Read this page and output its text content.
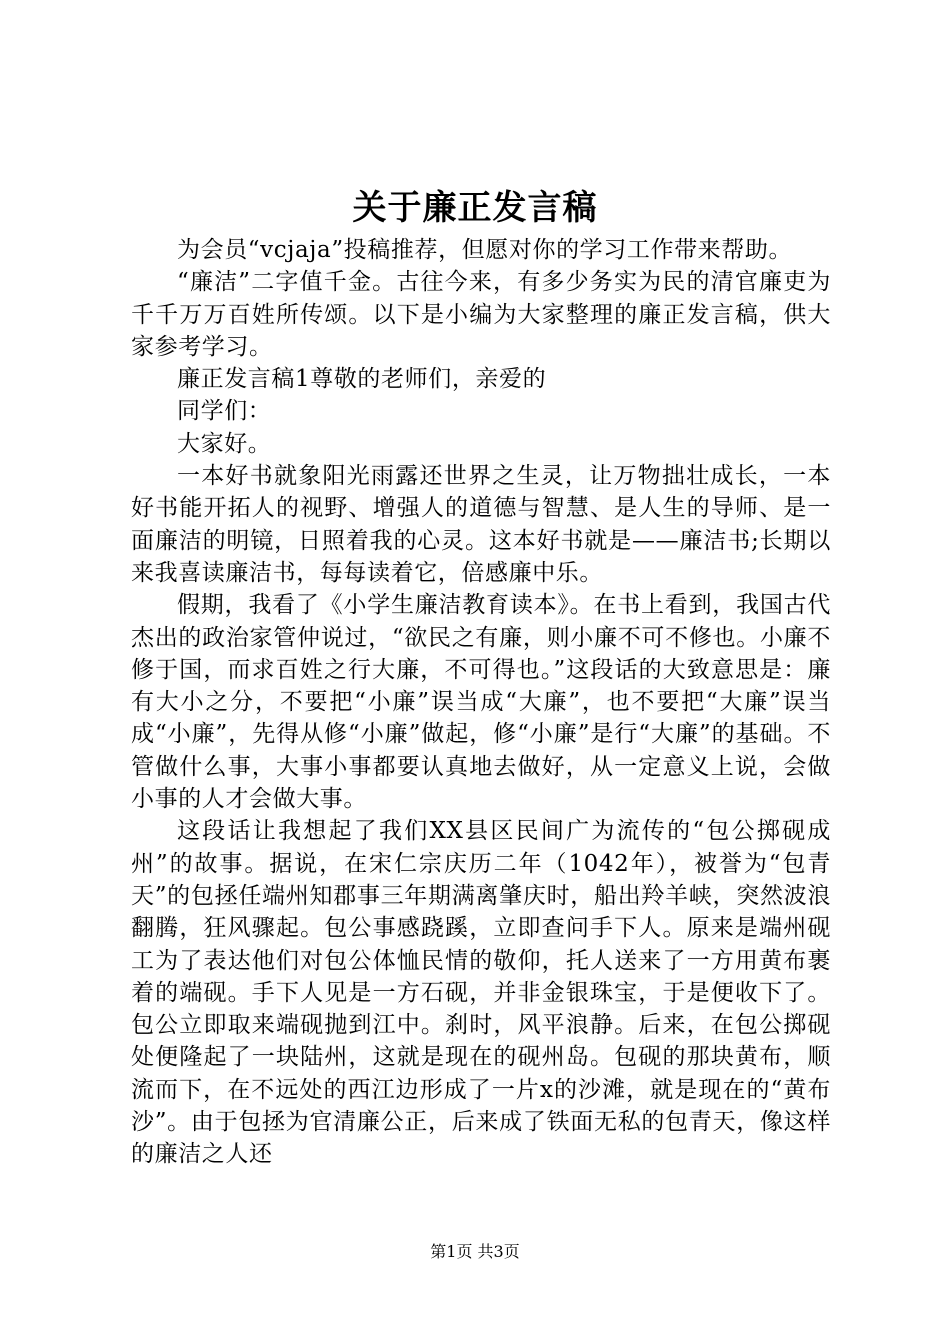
关于廉正发言稿

为会员“vcjaja”投稿推荐，但愿对你的学习工作带来帮助。

“廉洁”二字值千金。古往今来，有多少务实为民的清官廉吏为千千万万百姓所传颂。以下是小编为大家整理的廉正发言稿，供大家参考学习。

廉正发言稿1尊敬的老师们，亲爱的

同学们：

大家好。

一本好书就象阳光雨露还世界之生灵，让万物拙壮成长，一本好书能开拓人的视野、增强人的道德与智慧、是人生的导师、是一面廉洁的明镜，日照着我的心灵。这本好书就是——廉洁书;长期以来我喜读廉洁书，每每读着它，倍感廉中乐。

假期，我看了《小学生廉洁教育读本》。在书上看到，我国古代杰出的政治家管仲说过，“欲民之有廉，则小廉不可不修也。小廉不修于国，而求百姓之行大廉，不可得也。”这段话的大致意思是：廉有大小之分，不要把“小廉”误当成“大廉”，也不要把“大廉”误当成“小廉”，先得从修“小廉”做起，修“小廉”是行“大廉”的基础。不管做什么事，大事小事都要认真地去做好，从一定意义上说，会做小事的人才会做大事。

这段话让我想起了我们XX县区民间广为流传的“包公掷砚成州”的故事。据说，在宋仁宗庆历二年（1042年），被誉为“包青天”的包拯任端州知郡事三年期满离肇庆时，船出羚羊峡，突然波浪翻腾，狂风骤起。包公事感跷蹊，立即查问手下人。原来是端州砚工为了表达他们对包公体恤民情的敬仰，托人送来了一方用黄布裹着的端砚。手下人见是一方石砚，并非金银珠宝，于是便收下了。包公立即取来端砚抛到江中。刹时，风平浪静。后来，在包公掷砚处便隆起了一块陆州，这就是现在的砚州岛。包砚的那块黄布，顺流而下，在不远处的西江边形成了一片x的沙滩，就是现在的“黄布沙”。由于包拯为官清廉公正，后来成了铁面无私的包青天，像这样的廉洁之人还

第1页 共3页
